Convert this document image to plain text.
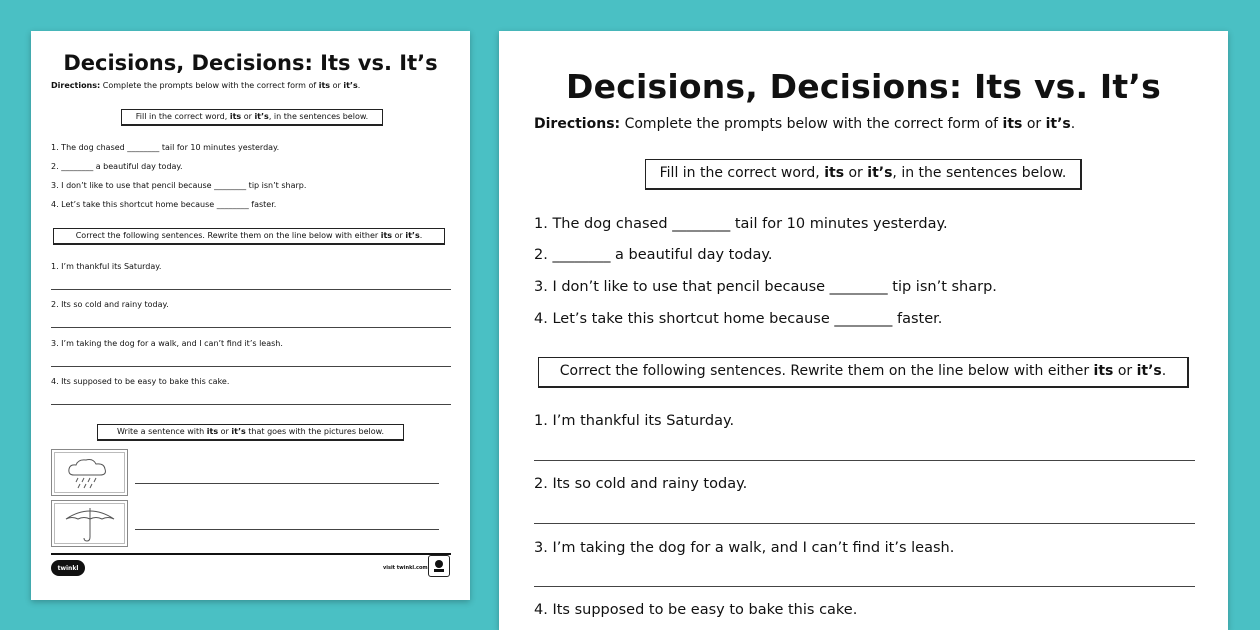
Decisions, Decisions: Its vs. It’s
Directions: Complete the prompts below with the correct form of its or it’s.
Fill in the correct word, its or it’s, in the sentences below.
1. The dog chased ________ tail for 10 minutes yesterday.
2. ________ a beautiful day today.
3. I don’t like to use that pencil because ________ tip isn’t sharp.
4. Let’s take this shortcut home because ________ faster.
Correct the following sentences. Rewrite them on the line below with either its or it’s.
1. I’m thankful its Saturday.
2. Its so cold and rainy today.
3. I’m taking the dog for a walk, and I can’t find it’s leash.
4. Its supposed to be easy to bake this cake.
Write a sentence with its or it’s that goes with the pictures below.
twinkl	visit twinkl.com
Decisions, Decisions: Its vs. It’s
Directions: Complete the prompts below with the correct form of its or it’s.
Fill in the correct word, its or it’s, in the sentences below.
1. The dog chased ________ tail for 10 minutes yesterday.
2. ________ a beautiful day today.
3. I don’t like to use that pencil because ________ tip isn’t sharp.
4. Let’s take this shortcut home because ________ faster.
Correct the following sentences. Rewrite them on the line below with either its or it’s.
1. I’m thankful its Saturday.
2. Its so cold and rainy today.
3. I’m taking the dog for a walk, and I can’t find it’s leash.
4. Its supposed to be easy to bake this cake.
